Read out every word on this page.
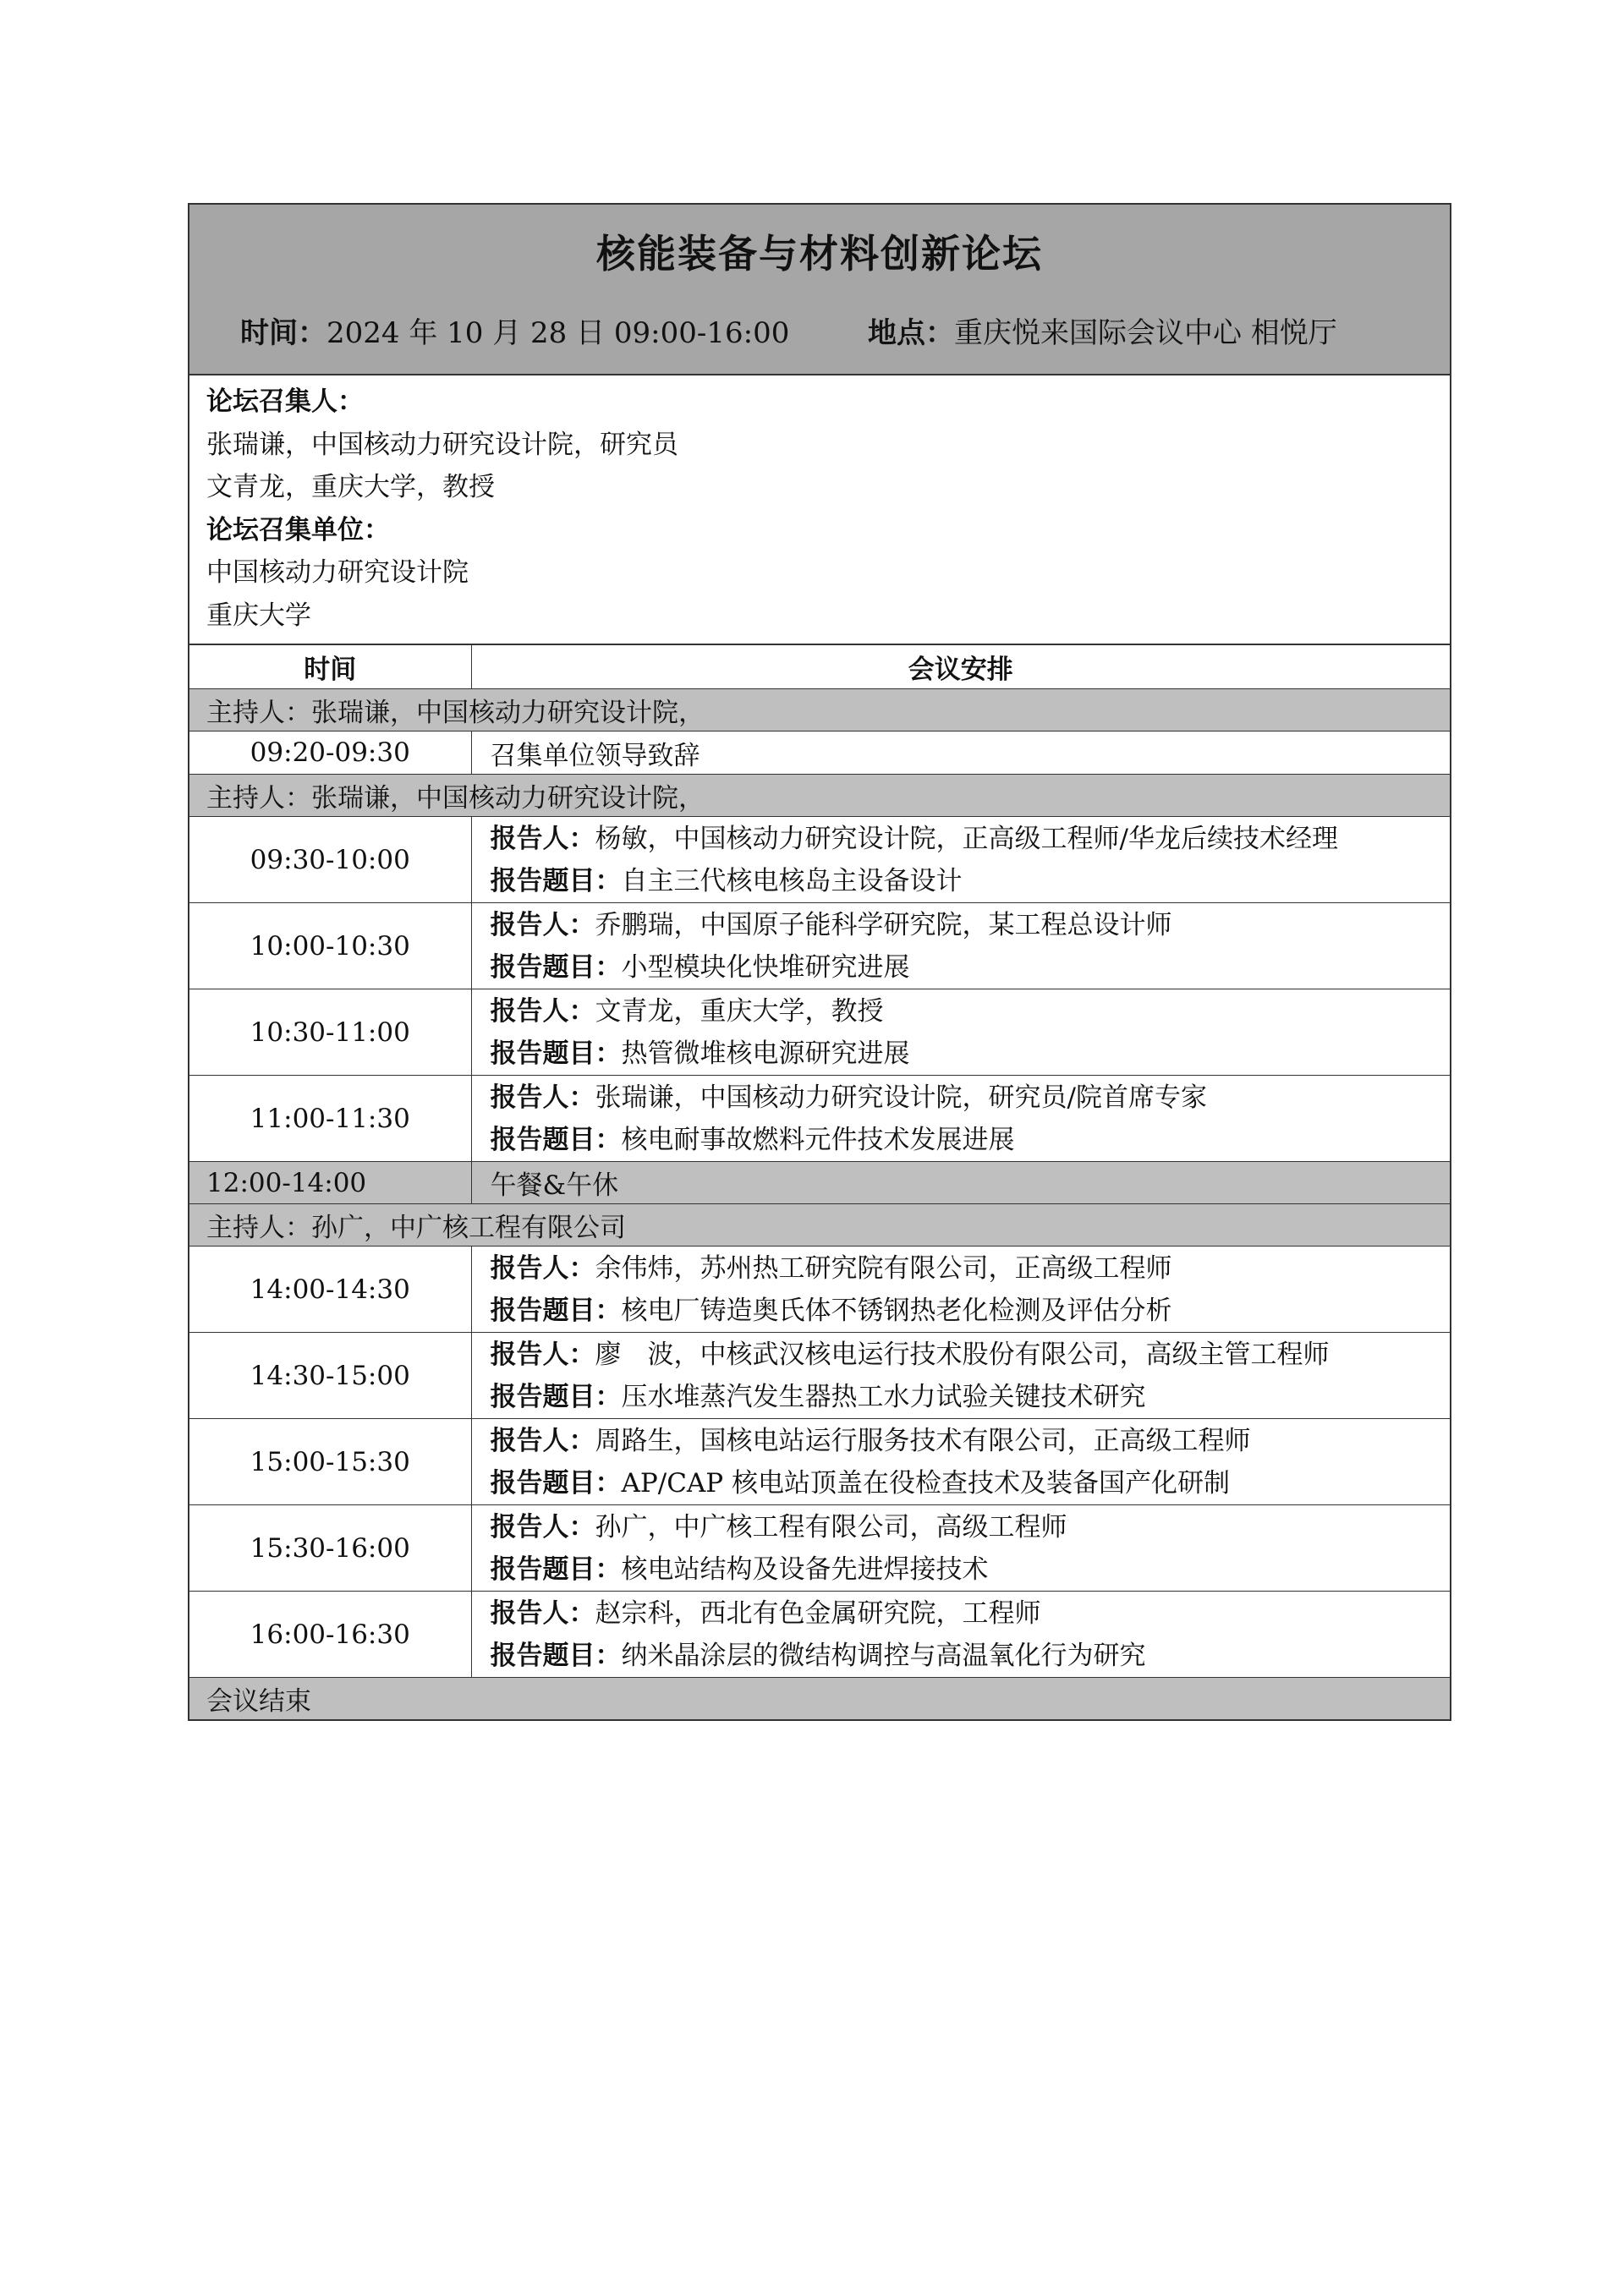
核能装备与材料创新论坛
时间：2024 年 10 月 28 日 09:00-16:00	地点：重庆悦来国际会议中心 相悦厅
论坛召集人：
张瑞谦，中国核动力研究设计院，研究员
文青龙，重庆大学，教授
论坛召集单位：
中国核动力研究设计院
重庆大学
时间	会议安排
主持人：张瑞谦，中国核动力研究设计院，	
09:20-09:30	召集单位领导致辞
主持人：张瑞谦，中国核动力研究设计院，	
09:30-10:00	报告人：杨敏，中国核动力研究设计院，正高级工程师/华龙后续技术经理
报告题目：自主三代核电核岛主设备设计

10:00-10:30	报告人：乔鹏瑞，中国原子能科学研究院，某工程总设计师
报告题目：小型模块化快堆研究进展

10:30-11:00	报告人：文青龙，重庆大学，教授
报告题目：热管微堆核电源研究进展

11:00-11:30	报告人：张瑞谦，中国核动力研究设计院，研究员/院首席专家
报告题目：核电耐事故燃料元件技术发展进展

12:00-14:00	午餐&午休
主持人：孙广，中广核工程有限公司	
14:00-14:30	报告人：余伟炜，苏州热工研究院有限公司，正高级工程师
报告题目：核电厂铸造奥氏体不锈钢热老化检测及评估分析

14:30-15:00	报告人：廖　波，中核武汉核电运行技术股份有限公司，高级主管工程师
报告题目：压水堆蒸汽发生器热工水力试验关键技术研究

15:00-15:30	报告人：周路生，国核电站运行服务技术有限公司，正高级工程师
报告题目：AP/CAP 核电站顶盖在役检查技术及装备国产化研制

15:30-16:00	报告人：孙广，中广核工程有限公司，高级工程师
报告题目：核电站结构及设备先进焊接技术

16:00-16:30	报告人：赵宗科，西北有色金属研究院，工程师
报告题目：纳米晶涂层的微结构调控与高温氧化行为研究

会议结束	
